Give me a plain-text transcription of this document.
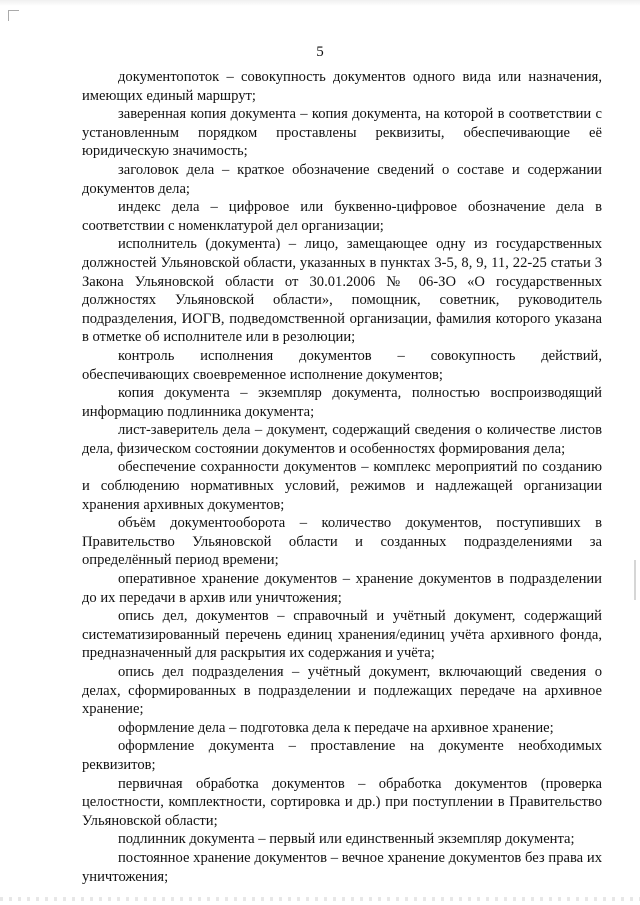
5

документопоток – совокупность документов одного вида или назначения, имеющих единый маршрут;

заверенная копия документа – копия документа, на которой в соответствии с установленным порядком проставлены реквизиты, обеспечивающие её юридическую значимость;

заголовок дела – краткое обозначение сведений о составе и содержании документов дела;

индекс дела – цифровое или буквенно-цифровое обозначение дела в соответствии с номенклатурой дел организации;

исполнитель (документа) – лицо, замещающее одну из государственных должностей Ульяновской области, указанных в пунктах 3-5, 8, 9, 11, 22-25 статьи 3 Закона Ульяновской области от 30.01.2006 № 06-ЗО «О государственных должностях Ульяновской области», помощник, советник, руководитель подразделения, ИОГВ, подведомственной организации, фамилия которого указана в отметке об исполнителе или в резолюции;

контроль исполнения документов – совокупность действий, обеспечивающих своевременное исполнение документов;

копия документа – экземпляр документа, полностью воспроизводящий информацию подлинника документа;

лист-заверитель дела – документ, содержащий сведения о количестве листов дела, физическом состоянии документов и особенностях формирования дела;

обеспечение сохранности документов – комплекс мероприятий по созданию и соблюдению нормативных условий, режимов и надлежащей организации хранения архивных документов;

объём документооборота – количество документов, поступивших в Правительство Ульяновской области и созданных подразделениями за определённый период времени;

оперативное хранение документов – хранение документов в подразделении до их передачи в архив или уничтожения;

опись дел, документов – справочный и учётный документ, содержащий систематизированный перечень единиц хранения/единиц учёта архивного фонда, предназначенный для раскрытия их содержания и учёта;

опись дел подразделения – учётный документ, включающий сведения о делах, сформированных в подразделении и подлежащих передаче на архивное хранение;

оформление дела – подготовка дела к передаче на архивное хранение;

оформление документа – проставление на документе необходимых реквизитов;

первичная обработка документов – обработка документов (проверка целостности, комплектности, сортировка и др.) при поступлении в Правительство Ульяновской области;

подлинник документа – первый или единственный экземпляр документа;

постоянное хранение документов – вечное хранение документов без права их уничтожения;
